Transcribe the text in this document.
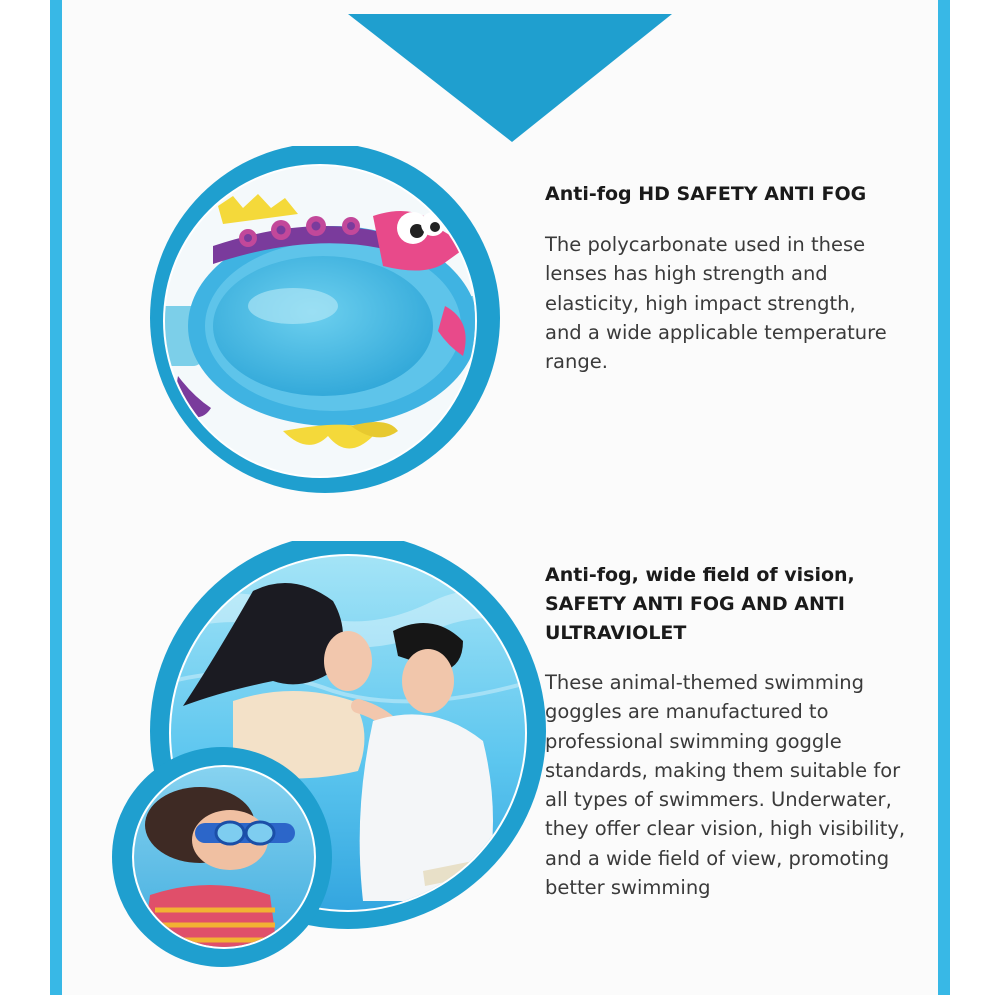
Anti-fog HD SAFETY ANTI FOG

The polycarbonate used in these lenses has high strength and elasticity, high impact strength, and a wide applicable temperature range.

Anti-fog, wide field of vision, SAFETY ANTI FOG AND ANTI ULTRAVIOLET

These animal-themed swimming goggles are manufactured to professional swimming goggle standards, making them suitable for all types of swimmers. Underwater, they offer clear vision, high visibility, and a wide field of view, promoting better swimming
